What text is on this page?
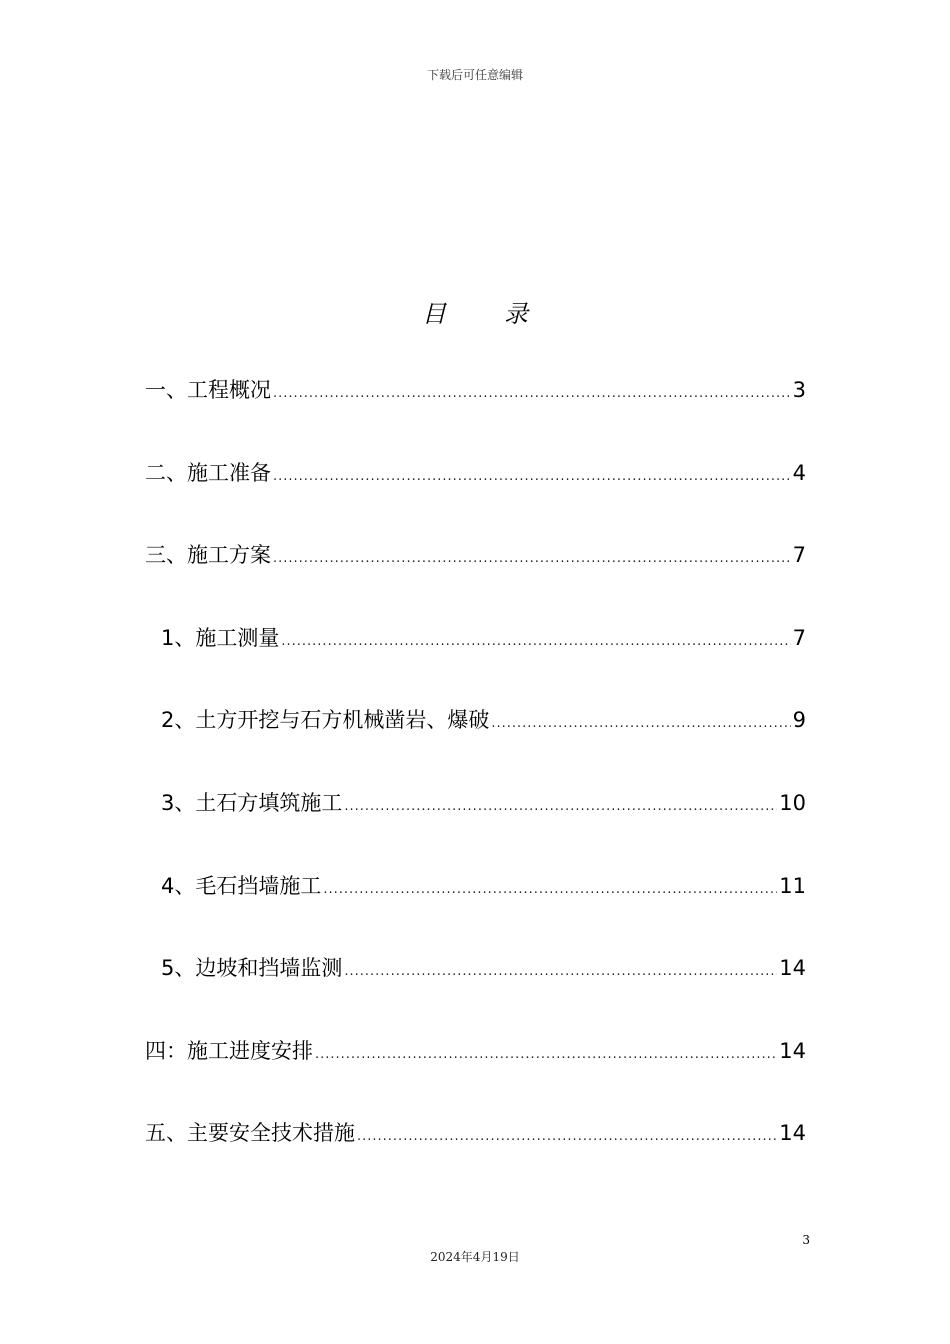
下载后可任意编辑
目 录
一、工程概况 .....	3
二、施工准备 .....	4
三、施工方案 .....	7
1、施工测量 .....	7
2、土方开挖与石方机械凿岩、爆破 .....	9
3、土石方填筑施工 .....	10
4、毛石挡墙施工 .....	11
5、边坡和挡墙监测 .....	14
四：施工进度安排 .....	14
五、主要安全技术措施 .....	14
3
2024年4月19日
